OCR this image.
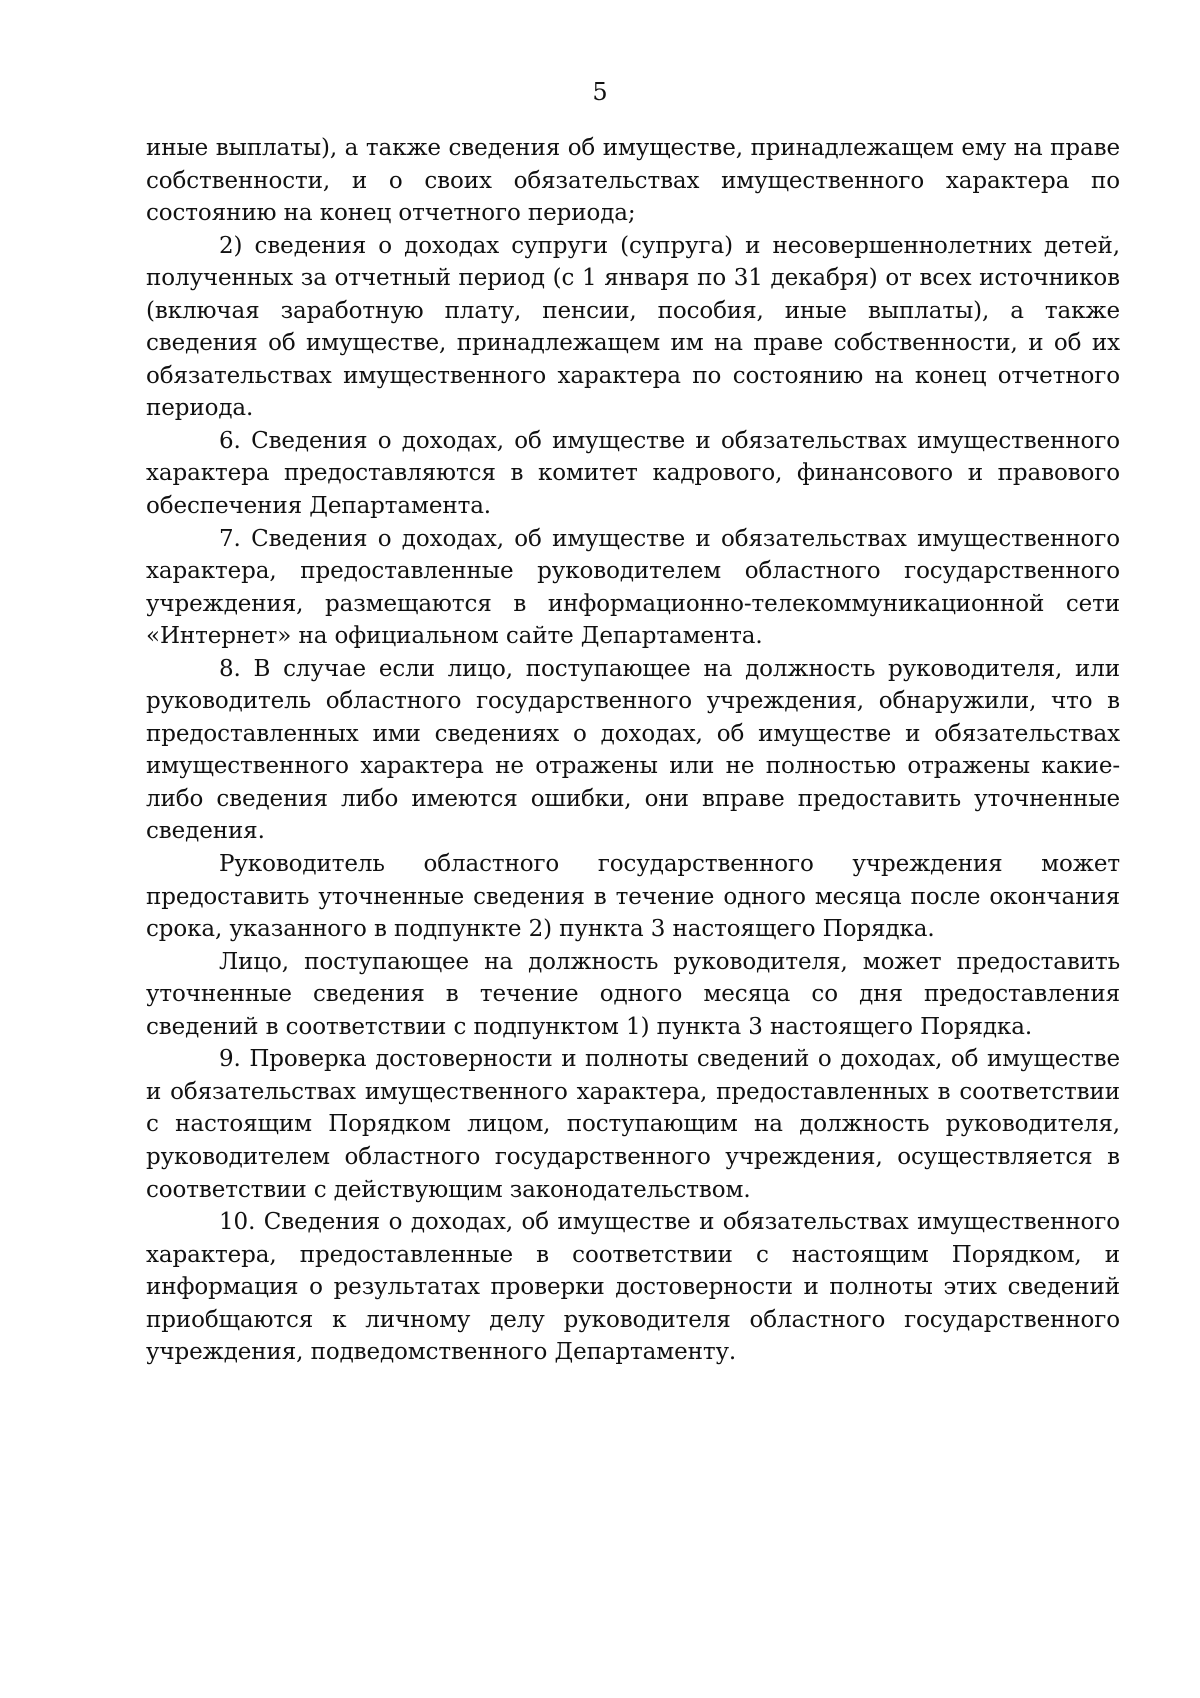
5

иные выплаты), а также сведения об имуществе, принадлежащем ему на праве собственности, и о своих обязательствах имущественного характера по состоянию на конец отчетного периода;

2) сведения о доходах супруги (супруга) и несовершеннолетних детей, полученных за отчетный период (с 1 января по 31 декабря) от всех источников (включая заработную плату, пенсии, пособия, иные выплаты), а также сведения об имуществе, принадлежащем им на праве собственности, и об их обязательствах имущественного характера по состоянию на конец отчетного периода.

6. Сведения о доходах, об имуществе и обязательствах имущественного характера предоставляются в комитет кадрового, финансового и правового обеспечения Департамента.

7. Сведения о доходах, об имуществе и обязательствах имущественного характера, предоставленные руководителем областного государственного учреждения, размещаются в информационно-телекоммуникационной сети «Интернет» на официальном сайте Департамента.

8. В случае если лицо, поступающее на должность руководителя, или руководитель областного государственного учреждения, обнаружили, что в предоставленных ими сведениях о доходах, об имуществе и обязательствах имущественного характера не отражены или не полностью отражены какие-либо сведения либо имеются ошибки, они вправе предоставить уточненные сведения.

Руководитель областного государственного учреждения может предоставить уточненные сведения в течение одного месяца после окончания срока, указанного в подпункте 2) пункта 3 настоящего Порядка.

Лицо, поступающее на должность руководителя, может предоставить уточненные сведения в течение одного месяца со дня предоставления сведений в соответствии с подпунктом 1) пункта 3 настоящего Порядка.

9. Проверка достоверности и полноты сведений о доходах, об имуществе и обязательствах имущественного характера, предоставленных в соответствии с настоящим Порядком лицом, поступающим на должность руководителя, руководителем областного государственного учреждения, осуществляется в соответствии с действующим законодательством.

10. Сведения о доходах, об имуществе и обязательствах имущественного характера, предоставленные в соответствии с настоящим Порядком, и информация о результатах проверки достоверности и полноты этих сведений приобщаются к личному делу руководителя областного государственного учреждения, подведомственного Департаменту.
